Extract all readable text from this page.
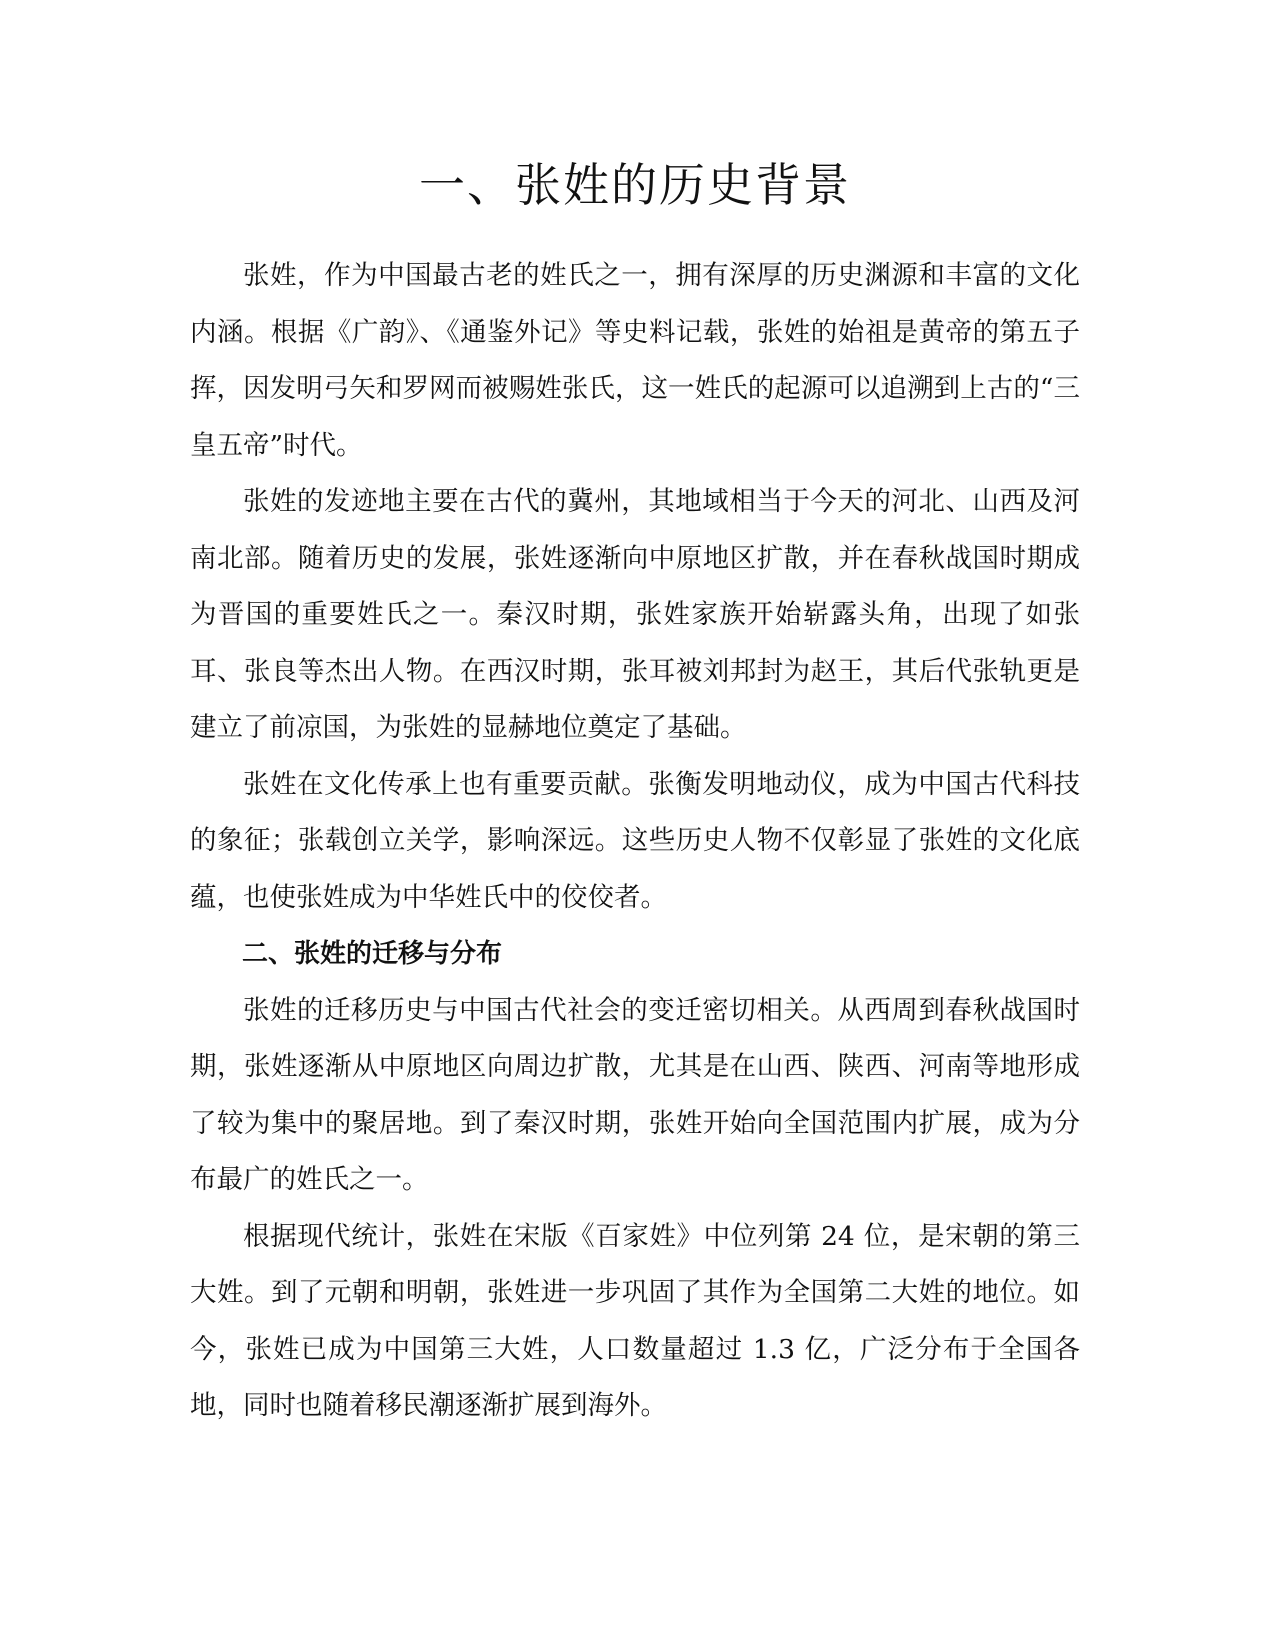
一、张姓的历史背景

张姓，作为中国最古老的姓氏之一，拥有深厚的历史渊源和丰富的文化内涵。根据《广韵》、《通鉴外记》等史料记载，张姓的始祖是黄帝的第五子挥，因发明弓矢和罗网而被赐姓张氏，这一姓氏的起源可以追溯到上古的“三皇五帝”时代。

张姓的发迹地主要在古代的冀州，其地域相当于今天的河北、山西及河南北部。随着历史的发展，张姓逐渐向中原地区扩散，并在春秋战国时期成为晋国的重要姓氏之一。秦汉时期，张姓家族开始崭露头角，出现了如张耳、张良等杰出人物。在西汉时期，张耳被刘邦封为赵王，其后代张轨更是建立了前凉国，为张姓的显赫地位奠定了基础。

张姓在文化传承上也有重要贡献。张衡发明地动仪，成为中国古代科技的象征；张载创立关学，影响深远。这些历史人物不仅彰显了张姓的文化底蕴，也使张姓成为中华姓氏中的佼佼者。

二、张姓的迁移与分布

张姓的迁移历史与中国古代社会的变迁密切相关。从西周到春秋战国时期，张姓逐渐从中原地区向周边扩散，尤其是在山西、陕西、河南等地形成了较为集中的聚居地。到了秦汉时期，张姓开始向全国范围内扩展，成为分布最广的姓氏之一。

根据现代统计，张姓在宋版《百家姓》中位列第 24 位，是宋朝的第三大姓。到了元朝和明朝，张姓进一步巩固了其作为全国第二大姓的地位。如今，张姓已成为中国第三大姓，人口数量超过 1.3 亿，广泛分布于全国各地，同时也随着移民潮逐渐扩展到海外。
